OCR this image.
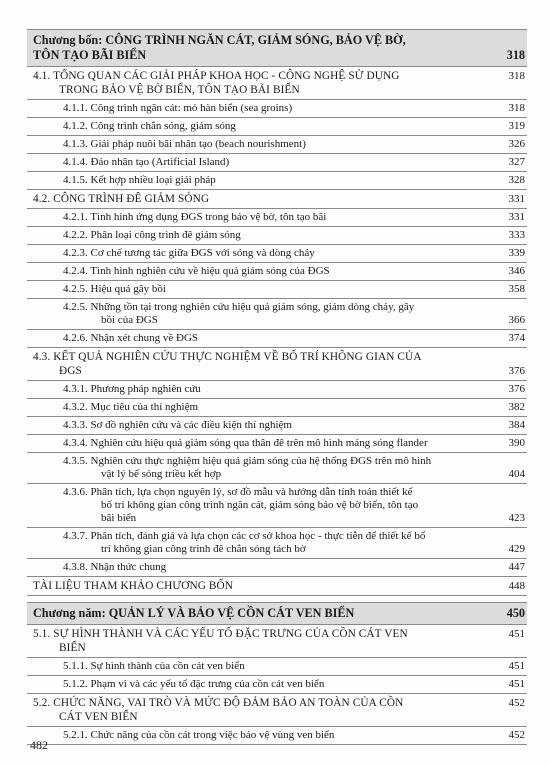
Chương bốn: CÔNG TRÌNH NGĂN CÁT, GIẢM SÓNG, BẢO VỆ BỜ,
TÔN TẠO BÃI BIỂN	318
4.1. TỔNG QUAN CÁC GIẢI PHÁP KHOA HỌC - CÔNG NGHỆ SỬ DỤNG
TRONG BẢO VỆ BỜ BIỂN, TÔN TẠO BÃI BIỂN
318
4.1.1. Công trình ngăn cát: mỏ hàn biển (sea groins)	318
4.1.2. Công trình chắn sóng, giảm sóng	319
4.1.3. Giải pháp nuôi bãi nhân tạo (beach nourishment)	326
4.1.4. Đảo nhân tạo (Artificial Island)	327
4.1.5. Kết hợp nhiều loại giải pháp	328
4.2. CÔNG TRÌNH ĐÊ GIẢM SÓNG	331
4.2.1. Tình hình ứng dụng ĐGS trong bảo vệ bờ, tôn tạo bãi	331
4.2.2. Phân loại công trình đê giảm sóng	333
4.2.3. Cơ chế tương tác giữa ĐGS với sóng và dòng chảy	339
4.2.4. Tình hình nghiên cứu về hiệu quả giảm sóng của ĐGS	346
4.2.5. Hiệu quả gây bồi	358
4.2.5. Những tồn tại trong nghiên cứu hiệu quả giảm sóng, giảm dòng chảy, gây
bồi của ĐGS	366
4.2.6. Nhận xét chung về ĐGS	374
4.3. KẾT QUẢ NGHIÊN CỨU THỰC NGHIỆM VỀ BỐ TRÍ KHÔNG GIAN CỦA
ĐGS	376
4.3.1. Phương pháp nghiên cứu	376
4.3.2. Mục tiêu của thí nghiệm	382
4.3.3. Sơ đồ nghiên cứu và các điều kiện thí nghiệm	384
4.3.4. Nghiên cứu hiệu quả giảm sóng qua thân đê trên mô hình máng sóng flander	390
4.3.5. Nghiên cứu thực nghiệm hiệu quả giảm sóng của hệ thống ĐGS trên mô hình
vật lý bể sóng triều kết hợp	404
4.3.6. Phân tích, lựa chọn nguyên lý, sơ đồ mẫu và hướng dẫn tính toán thiết kế
bố trí không gian công trình ngăn cát, giảm sóng bảo vệ bờ biển, tôn tạo
bãi biển	423
4.3.7. Phân tích, đánh giá và lựa chọn các cơ sở khoa học - thực tiễn để thiết kế bố
trí không gian công trình đê chắn sóng tách bờ	429
4.3.8. Nhận thức chung	447
TÀI LIỆU THAM KHẢO CHƯƠNG BỐN	448
Chương năm: QUẢN LÝ VÀ BẢO VỆ CỒN CÁT VEN BIỂN	450
5.1. SỰ HÌNH THÀNH VÀ CÁC YẾU TỐ ĐẶC TRƯNG CỦA CỒN CÁT VEN
BIỂN
451
5.1.1. Sự hình thành của cồn cát ven biển	451
5.1.2. Phạm vi và các yếu tố đặc trưng của cồn cát ven biển	451
5.2. CHỨC NĂNG, VAI TRÒ VÀ MỨC ĐỘ ĐẢM BẢO AN TOÀN CỦA CỒN
CÁT VEN BIỂN
452
5.2.1. Chức năng của cồn cát trong việc bảo vệ vùng ven biển	452
482
